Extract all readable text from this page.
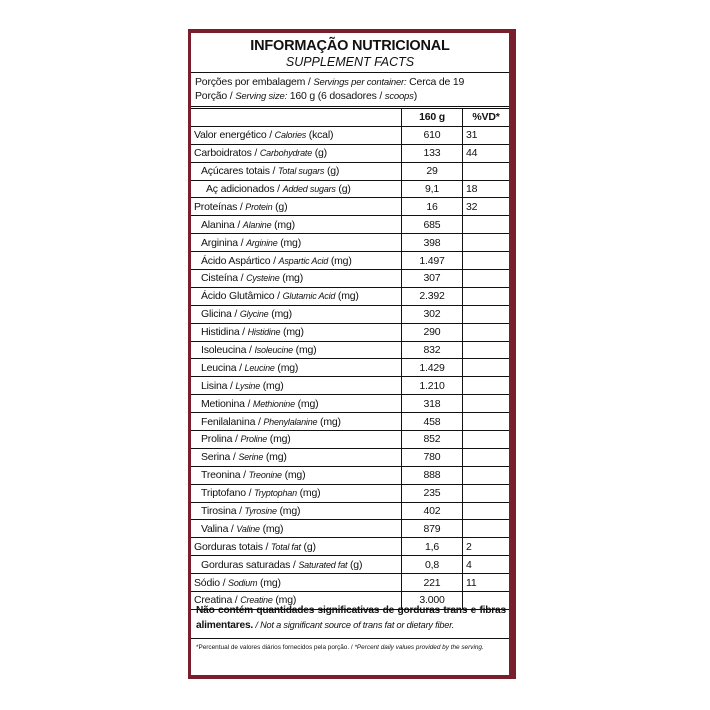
INFORMAÇÃO NUTRICIONAL
SUPPLEMENT FACTS
Porções por embalagem / Servings per container: Cerca de 19
Porção / Serving size: 160 g (6 dosadores / scoops)
	160 g	%VD*
Valor energético / Calories (kcal)	610	31
Carboidratos / Carbohydrate (g)	133	44
Açúcares totais / Total sugars (g)	29	
Aç adicionados / Added sugars (g)	9,1	18
Proteínas / Protein (g)	16	32
Alanina / Alanine (mg)	685	
Arginina / Arginine (mg)	398	
Ácido Aspártico / Aspartic Acid (mg)	1.497	
Cisteína / Cysteine (mg)	307	
Ácido Glutâmico / Glutamic Acid (mg)	2.392	
Glicina / Glycine (mg)	302	
Histidina / Histidine (mg)	290	
Isoleucina / Isoleucine (mg)	832	
Leucina / Leucine (mg)	1.429	
Lisina / Lysine (mg)	1.210	
Metionina / Methionine (mg)	318	
Fenilalanina / Phenylalanine (mg)	458	
Prolina / Proline (mg)	852	
Serina / Serine (mg)	780	
Treonina / Treonine (mg)	888	
Triptofano / Tryptophan (mg)	235	
Tirosina / Tyrosine (mg)	402	
Valina / Valine (mg)	879	
Gorduras totais / Total fat (g)	1,6	2
Gorduras saturadas / Saturated fat (g)	0,8	4
Sódio / Sodium (mg)	221	11
Creatina / Creatine (mg)	3.000	
Não contém quantidades significativas de gorduras trans e fibras alimentares. / Not a significant source of trans fat or dietary fiber.
*Percentual de valores diários fornecidos pela porção. / *Percent daily values provided by the serving.
